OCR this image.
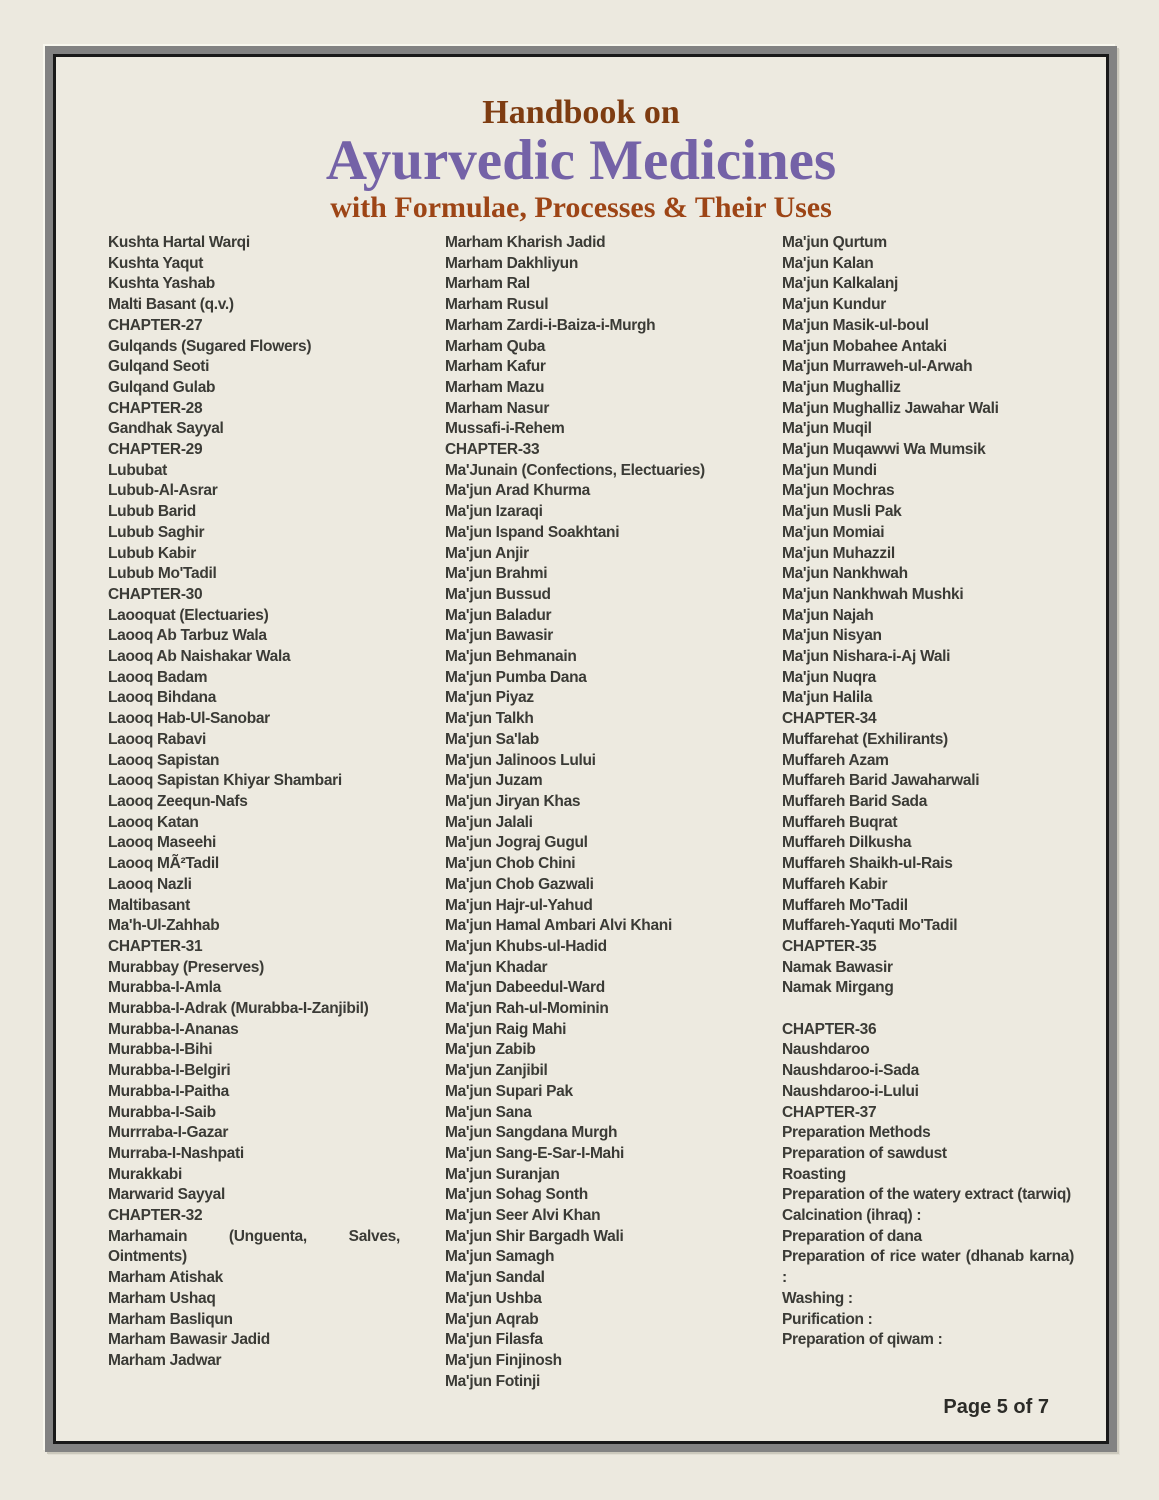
Handbook on
Ayurvedic Medicines
with Formulae, Processes & Their Uses
Kushta Hartal Warqi
Kushta Yaqut
Kushta Yashab
Malti Basant (q.v.)
CHAPTER-27
Gulqands (Sugared Flowers)
Gulqand Seoti
Gulqand Gulab
CHAPTER-28
Gandhak Sayyal
CHAPTER-29
Lububat
Lubub-Al-Asrar
Lubub Barid
Lubub Saghir
Lubub Kabir
Lubub Mo'Tadil
CHAPTER-30
Laooquat (Electuaries)
Laooq Ab Tarbuz Wala
Laooq Ab Naishakar Wala
Laooq Badam
Laooq Bihdana
Laooq Hab-Ul-Sanobar
Laooq Rabavi
Laooq Sapistan
Laooq Sapistan Khiyar Shambari
Laooq Zeequn-Nafs
Laooq Katan
Laooq Maseehi
Laooq MÃ²Tadil
Laooq Nazli
Maltibasant
Ma'h-Ul-Zahhab
CHAPTER-31
Murabbay (Preserves)
Murabba-I-Amla
Murabba-I-Adrak (Murabba-I-Zanjibil)
Murabba-I-Ananas
Murabba-I-Bihi
Murabba-I-Belgiri
Murabba-I-Paitha
Murabba-I-Saib
Murrraba-I-Gazar
Murraba-I-Nashpati
Murakkabi
Marwarid Sayyal
CHAPTER-32
Marhamain (Unguenta, Salves, Ointments)
Marham Atishak
Marham Ushaq
Marham Basliqun
Marham Bawasir Jadid
Marham Jadwar
Marham Kharish Jadid
Marham Dakhliyun
Marham Ral
Marham Rusul
Marham Zardi-i-Baiza-i-Murgh
Marham Quba
Marham Kafur
Marham Mazu
Marham Nasur
Mussafi-i-Rehem
CHAPTER-33
Ma'Junain (Confections, Electuaries)
Ma'jun Arad Khurma
Ma'jun Izaraqi
Ma'jun Ispand Soakhtani
Ma'jun Anjir
Ma'jun Brahmi
Ma'jun Bussud
Ma'jun Baladur
Ma'jun Bawasir
Ma'jun Behmanain
Ma'jun Pumba Dana
Ma'jun Piyaz
Ma'jun Talkh
Ma'jun Sa'lab
Ma'jun Jalinoos Lului
Ma'jun Juzam
Ma'jun Jiryan Khas
Ma'jun Jalali
Ma'jun Jograj Gugul
Ma'jun Chob Chini
Ma'jun Chob Gazwali
Ma'jun Hajr-ul-Yahud
Ma'jun Hamal Ambari Alvi Khani
Ma'jun Khubs-ul-Hadid
Ma'jun Khadar
Ma'jun Dabeedul-Ward
Ma'jun Rah-ul-Mominin
Ma'jun Raig Mahi
Ma'jun Zabib
Ma'jun Zanjibil
Ma'jun Supari Pak
Ma'jun Sana
Ma'jun Sangdana Murgh
Ma'jun Sang-E-Sar-I-Mahi
Ma'jun Suranjan
Ma'jun Sohag Sonth
Ma'jun Seer Alvi Khan
Ma'jun Shir Bargadh Wali
Ma'jun Samagh
Ma'jun Sandal
Ma'jun Ushba
Ma'jun Aqrab
Ma'jun Filasfa
Ma'jun Finjinosh
Ma'jun Fotinji
Ma'jun Qurtum
Ma'jun Kalan
Ma'jun Kalkalanj
Ma'jun Kundur
Ma'jun Masik-ul-boul
Ma'jun Mobahee Antaki
Ma'jun Murraweh-ul-Arwah
Ma'jun Mughalliz
Ma'jun Mughalliz Jawahar Wali
Ma'jun Muqil
Ma'jun Muqawwi Wa Mumsik
Ma'jun Mundi
Ma'jun Mochras
Ma'jun Musli Pak
Ma'jun Momiai
Ma'jun Muhazzil
Ma'jun Nankhwah
Ma'jun Nankhwah Mushki
Ma'jun Najah
Ma'jun Nisyan
Ma'jun Nishara-i-Aj Wali
Ma'jun Nuqra
Ma'jun Halila
CHAPTER-34
Muffarehat (Exhilirants)
Muffareh Azam
Muffareh Barid Jawaharwali
Muffareh Barid Sada
Muffareh Buqrat
Muffareh Dilkusha
Muffareh Shaikh-ul-Rais
Muffareh Kabir
Muffareh Mo'Tadil
Muffareh-Yaquti Mo'Tadil
CHAPTER-35
Namak Bawasir
Namak Mirgang

CHAPTER-36
Naushdaroo
Naushdaroo-i-Sada
Naushdaroo-i-Lului
CHAPTER-37
Preparation Methods
Preparation of sawdust
Roasting
Preparation of the watery extract (tarwiq)
Calcination (ihraq) :
Preparation of dana
Preparation of rice water (dhanab karna) :
Washing :
Purification :
Preparation of qiwam :
Page 5 of 7
